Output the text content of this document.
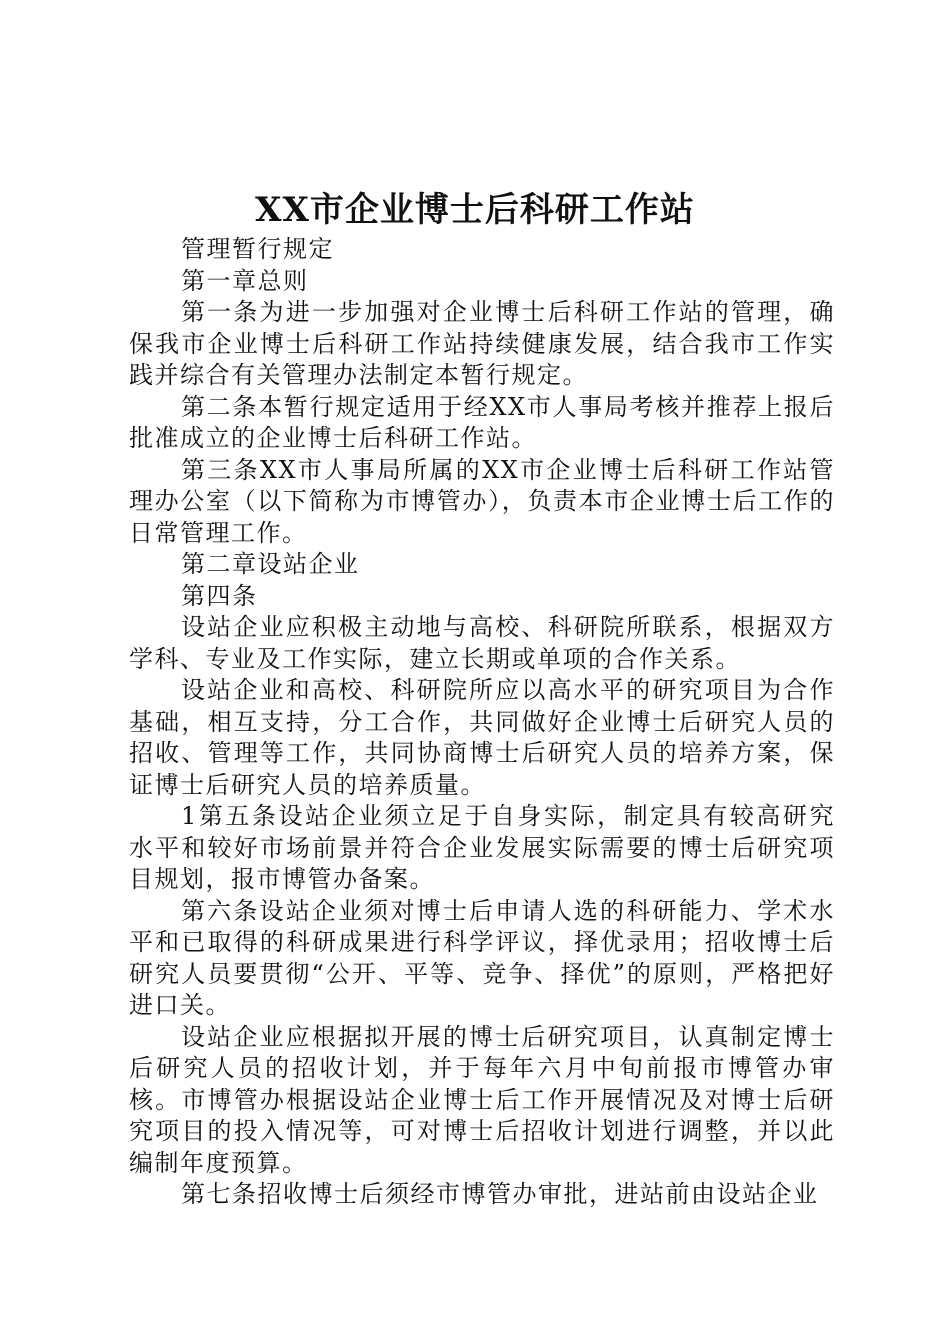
XX市企业博士后科研工作站

管理暂行规定

第一章总则

第一条为进一步加强对企业博士后科研工作站的管理，确保我市企业博士后科研工作站持续健康发展，结合我市工作实践并综合有关管理办法制定本暂行规定。

第二条本暂行规定适用于经XX市人事局考核并推荐上报后批准成立的企业博士后科研工作站。

第三条XX市人事局所属的XX市企业博士后科研工作站管理办公室（以下简称为市博管办），负责本市企业博士后工作的日常管理工作。

第二章设站企业

第四条

设站企业应积极主动地与高校、科研院所联系，根据双方学科、专业及工作实际，建立长期或单项的合作关系。

设站企业和高校、科研院所应以高水平的研究项目为合作基础，相互支持，分工合作，共同做好企业博士后研究人员的招收、管理等工作，共同协商博士后研究人员的培养方案，保证博士后研究人员的培养质量。

1第五条设站企业须立足于自身实际，制定具有较高研究水平和较好市场前景并符合企业发展实际需要的博士后研究项目规划，报市博管办备案。

第六条设站企业须对博士后申请人选的科研能力、学术水平和已取得的科研成果进行科学评议，择优录用；招收博士后研究人员要贯彻“公开、平等、竞争、择优”的原则，严格把好进口关。

设站企业应根据拟开展的博士后研究项目，认真制定博士后研究人员的招收计划，并于每年六月中旬前报市博管办审核。市博管办根据设站企业博士后工作开展情况及对博士后研究项目的投入情况等，可对博士后招收计划进行调整，并以此编制年度预算。

第七条招收博士后须经市博管办审批，进站前由设站企业
